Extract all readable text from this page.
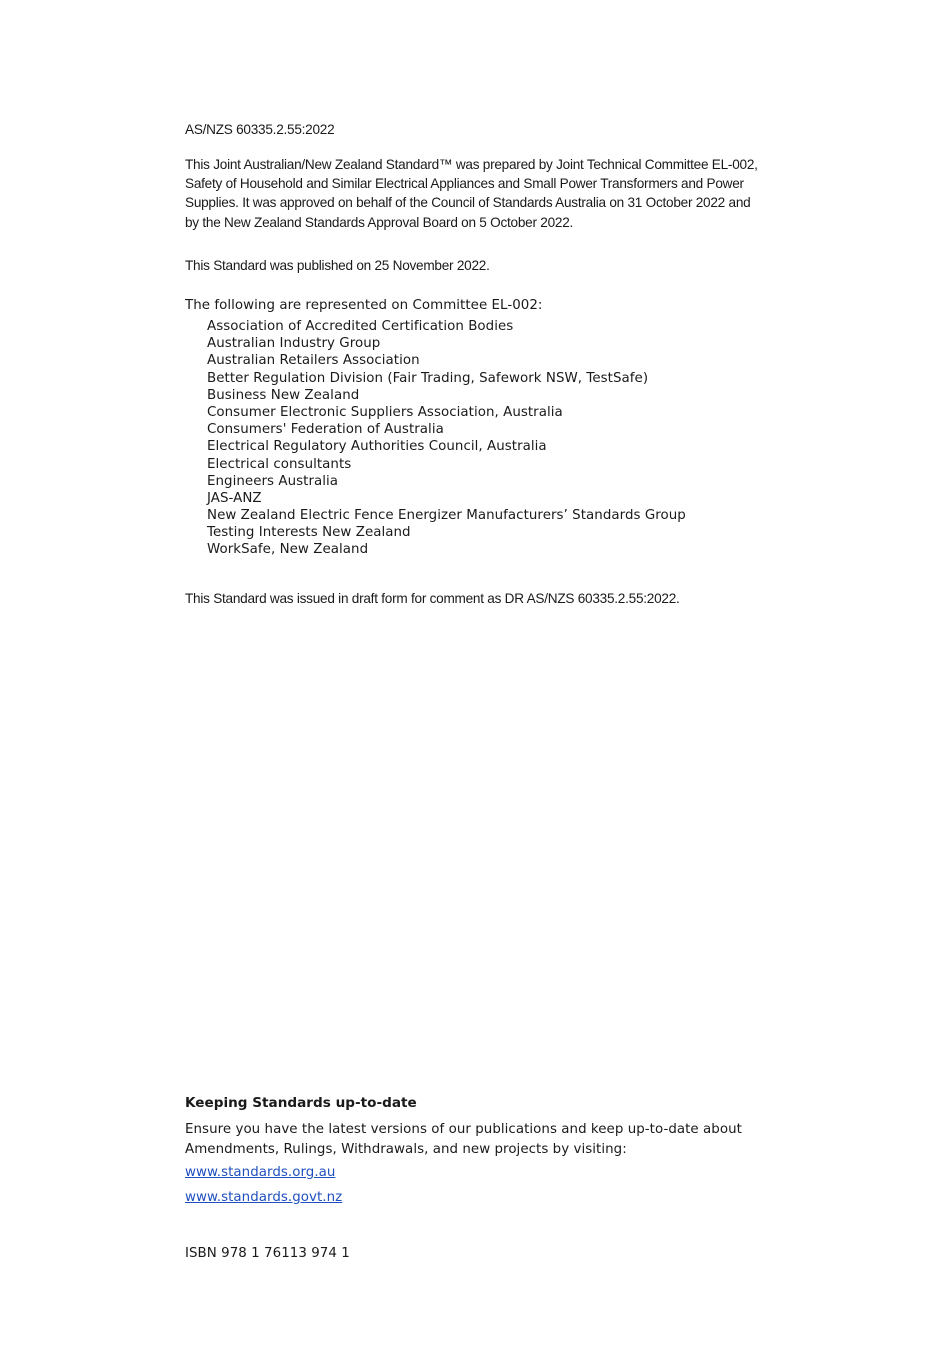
AS/NZS 60335.2.55:2022
This Joint Australian/New Zealand Standard™ was prepared by Joint Technical Committee EL-002, Safety of Household and Similar Electrical Appliances and Small Power Transformers and Power Supplies. It was approved on behalf of the Council of Standards Australia on 31 October 2022 and by the New Zealand Standards Approval Board on 5 October 2022.
This Standard was published on 25 November 2022.
The following are represented on Committee EL-002:
Association of Accredited Certification Bodies
Australian Industry Group
Australian Retailers Association
Better Regulation Division (Fair Trading, Safework NSW, TestSafe)
Business New Zealand
Consumer Electronic Suppliers Association, Australia
Consumers' Federation of Australia
Electrical Regulatory Authorities Council, Australia
Electrical consultants
Engineers Australia
JAS-ANZ
New Zealand Electric Fence Energizer Manufacturers’ Standards Group
Testing Interests New Zealand
WorkSafe, New Zealand
This Standard was issued in draft form for comment as DR AS/NZS 60335.2.55:2022.
Keeping Standards up-to-date
Ensure you have the latest versions of our publications and keep up-to-date about Amendments, Rulings, Withdrawals, and new projects by visiting:
www.standards.org.au
www.standards.govt.nz
ISBN 978 1 76113 974 1
